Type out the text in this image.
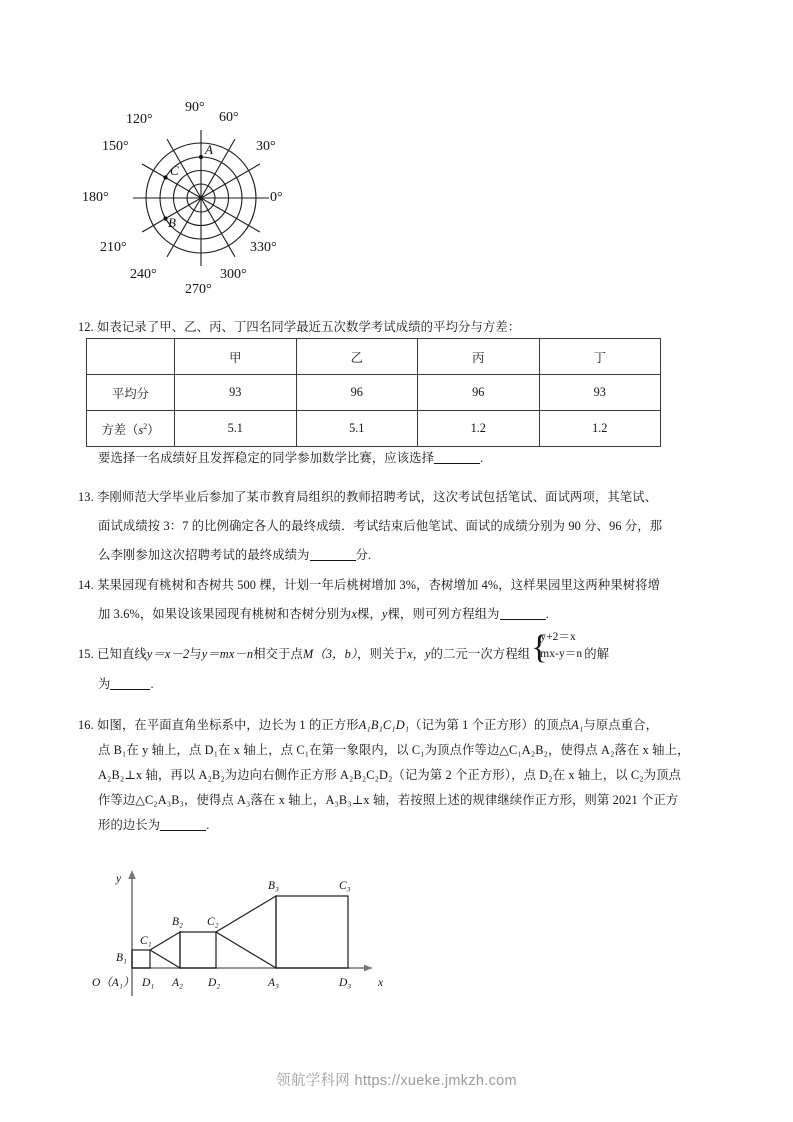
0°
30°
60°
90°
120°
150°
180°
210°
240°
270°
300°
330°
A
B
C
12. 如表记录了甲、乙、丙、丁四名同学最近五次数学考试成绩的平均分与方差：
	甲	乙	丙	丁
平均分	93	96	96	93
方差$(s^2)$	5.1	5.1	1.2	1.2
要选择一名成绩好且发挥稳定的同学参加数学比赛，应该选择	.
13. 李刚师范大学毕业后参加了某市教育局组织的教师招聘考试，这次考试包括笔试、面试两项，其笔试、
面试成绩按 3：7 的比例确定各人的最终成绩．考试结束后他笔试、面试的成绩分别为 90 分、96 分，那
么李刚参加这次招聘考试的最终成绩为	分.
14. 某果园现有桃树和杏树共 500 棵，计划一年后桃树增加 3%，杏树增加 4%，这样果园里这两种果树将增
加 3.6%，如果设该果园现有桃树和杏树分别为x棵，y棵，则可列方程组为	.
15. 已知直线y＝x－2与y＝mx－n相交于点M（3，b），则关于x，y的二元一次方程组 {
y+2＝x
mx-y＝n 的解
为	.
16. 如图，在平面直角坐标系中，边长为 1 的正方形A₁B₁C₁D₁（记为第 1 个正方形）的顶点A₁与原点重合，
点 B₁在 y 轴上，点 D₁在 x 轴上，点 C₁在第一象限内，以 C₁为顶点作等边△C₁A₂B₂，使得点 A₂落在 x 轴上，
A₂B₂⊥x 轴，再以 A₂B₂为边向右侧作正方形 A₂B₂C₂D₂（记为第 2 个正方形），点 D₂在 x 轴上，以 C₂为顶点
作等边△C₂A₃B₃，使得点 A₃落在 x 轴上，A₃B₃⊥x 轴，若按照上述的规律继续作正方形，则第 2021 个正方
形的边长为	.
B₁
C₁
D₁ A₂
B₂ C₂
D₂	A₃
B₃	C₃
D₃
O（A₁）
y
x
领航学科网 https://xueke.jmkzh.com
